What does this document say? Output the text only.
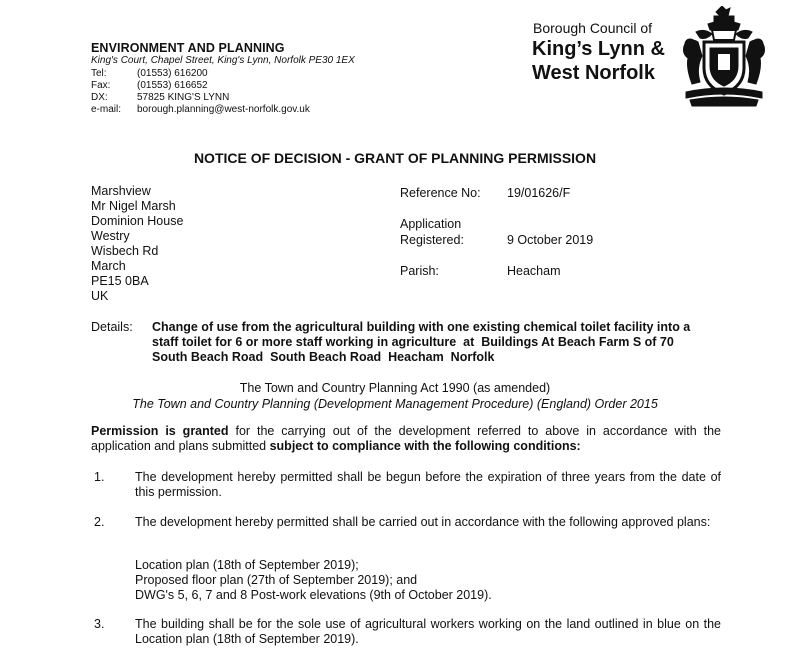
ENVIRONMENT AND PLANNING
King's Court, Chapel Street, King's Lynn, Norfolk PE30 1EX
Tel:	(01553) 616200
Fax:	(01553) 616652
DX:	57825 KING'S LYNN
e-mail:	borough.planning@west-norfolk.gov.uk
Borough Council of
King’s Lynn &
West Norfolk
NOTICE OF DECISION - GRANT OF PLANNING PERMISSION
Marshview
Mr Nigel Marsh
Dominion House
Westry
Wisbech Rd
March
PE15 0BA
UK
Reference No: 19/01626/F
Application
Registered:	9 October 2019
Parish:	Heacham
Details: Change of use from the agricultural building with one existing chemical toilet facility into a
staff toilet for 6 or more staff working in agriculture  at  Buildings At Beach Farm S of 70
South Beach Road  South Beach Road  Heacham  Norfolk
The Town and Country Planning Act 1990 (as amended)
The Town and Country Planning (Development Management Procedure) (England) Order 2015
Permission is granted for the carrying out of the development referred to above in accordance with the application and plans submitted subject to compliance with the following conditions:
1. The development hereby permitted shall be begun before the expiration of three years from the date of this permission.
2. The development hereby permitted shall be carried out in accordance with the following approved plans:
Location plan (18th of September 2019);
Proposed floor plan (27th of September 2019); and
DWG's 5, 6, 7 and 8 Post-work elevations (9th of October 2019).
3. The building shall be for the sole use of agricultural workers working on the land outlined in blue on the Location plan (18th of September 2019).
